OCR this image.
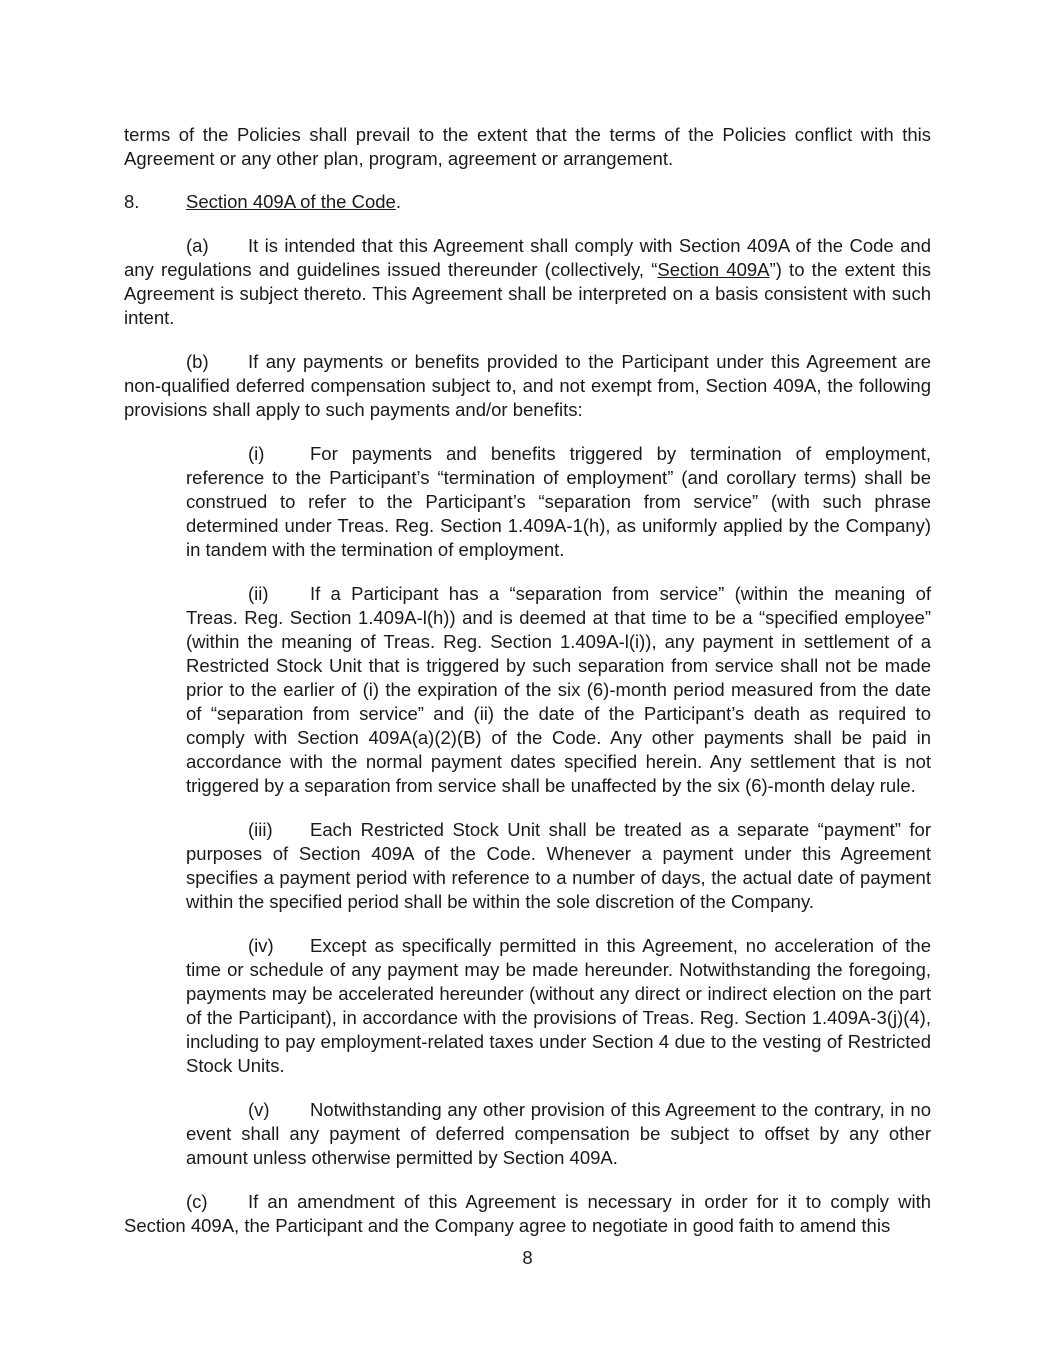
terms of the Policies shall prevail to the extent that the terms of the Policies conflict with this Agreement or any other plan, program, agreement or arrangement.

8.	Section 409A of the Code.

(a) It is intended that this Agreement shall comply with Section 409A of the Code and any regulations and guidelines issued thereunder (collectively, “Section 409A”) to the extent this Agreement is subject thereto. This Agreement shall be interpreted on a basis consistent with such intent.

(b) If any payments or benefits provided to the Participant under this Agreement are non-qualified deferred compensation subject to, and not exempt from, Section 409A, the following provisions shall apply to such payments and/or benefits:

(i) For payments and benefits triggered by termination of employment, reference to the Participant’s “termination of employment” (and corollary terms) shall be construed to refer to the Participant’s “separation from service” (with such phrase determined under Treas. Reg. Section 1.409A-1(h), as uniformly applied by the Company) in tandem with the termination of employment.

(ii) If a Participant has a “separation from service” (within the meaning of Treas. Reg. Section 1.409A-l(h)) and is deemed at that time to be a “specified employee” (within the meaning of Treas. Reg. Section 1.409A-l(i)), any payment in settlement of a Restricted Stock Unit that is triggered by such separation from service shall not be made prior to the earlier of (i) the expiration of the six (6)-month period measured from the date of “separation from service” and (ii) the date of the Participant’s death as required to comply with Section 409A(a)(2)(B) of the Code. Any other payments shall be paid in accordance with the normal payment dates specified herein. Any settlement that is not triggered by a separation from service shall be unaffected by the six (6)-month delay rule.

(iii) Each Restricted Stock Unit shall be treated as a separate “payment” for purposes of Section 409A of the Code. Whenever a payment under this Agreement specifies a payment period with reference to a number of days, the actual date of payment within the specified period shall be within the sole discretion of the Company.

(iv) Except as specifically permitted in this Agreement, no acceleration of the time or schedule of any payment may be made hereunder. Notwithstanding the foregoing, payments may be accelerated hereunder (without any direct or indirect election on the part of the Participant), in accordance with the provisions of Treas. Reg. Section 1.409A-3(j)(4), including to pay employment-related taxes under Section 4 due to the vesting of Restricted Stock Units.

(v) Notwithstanding any other provision of this Agreement to the contrary, in no event shall any payment of deferred compensation be subject to offset by any other amount unless otherwise permitted by Section 409A.

(c) If an amendment of this Agreement is necessary in order for it to comply with Section 409A, the Participant and the Company agree to negotiate in good faith to amend this

8
